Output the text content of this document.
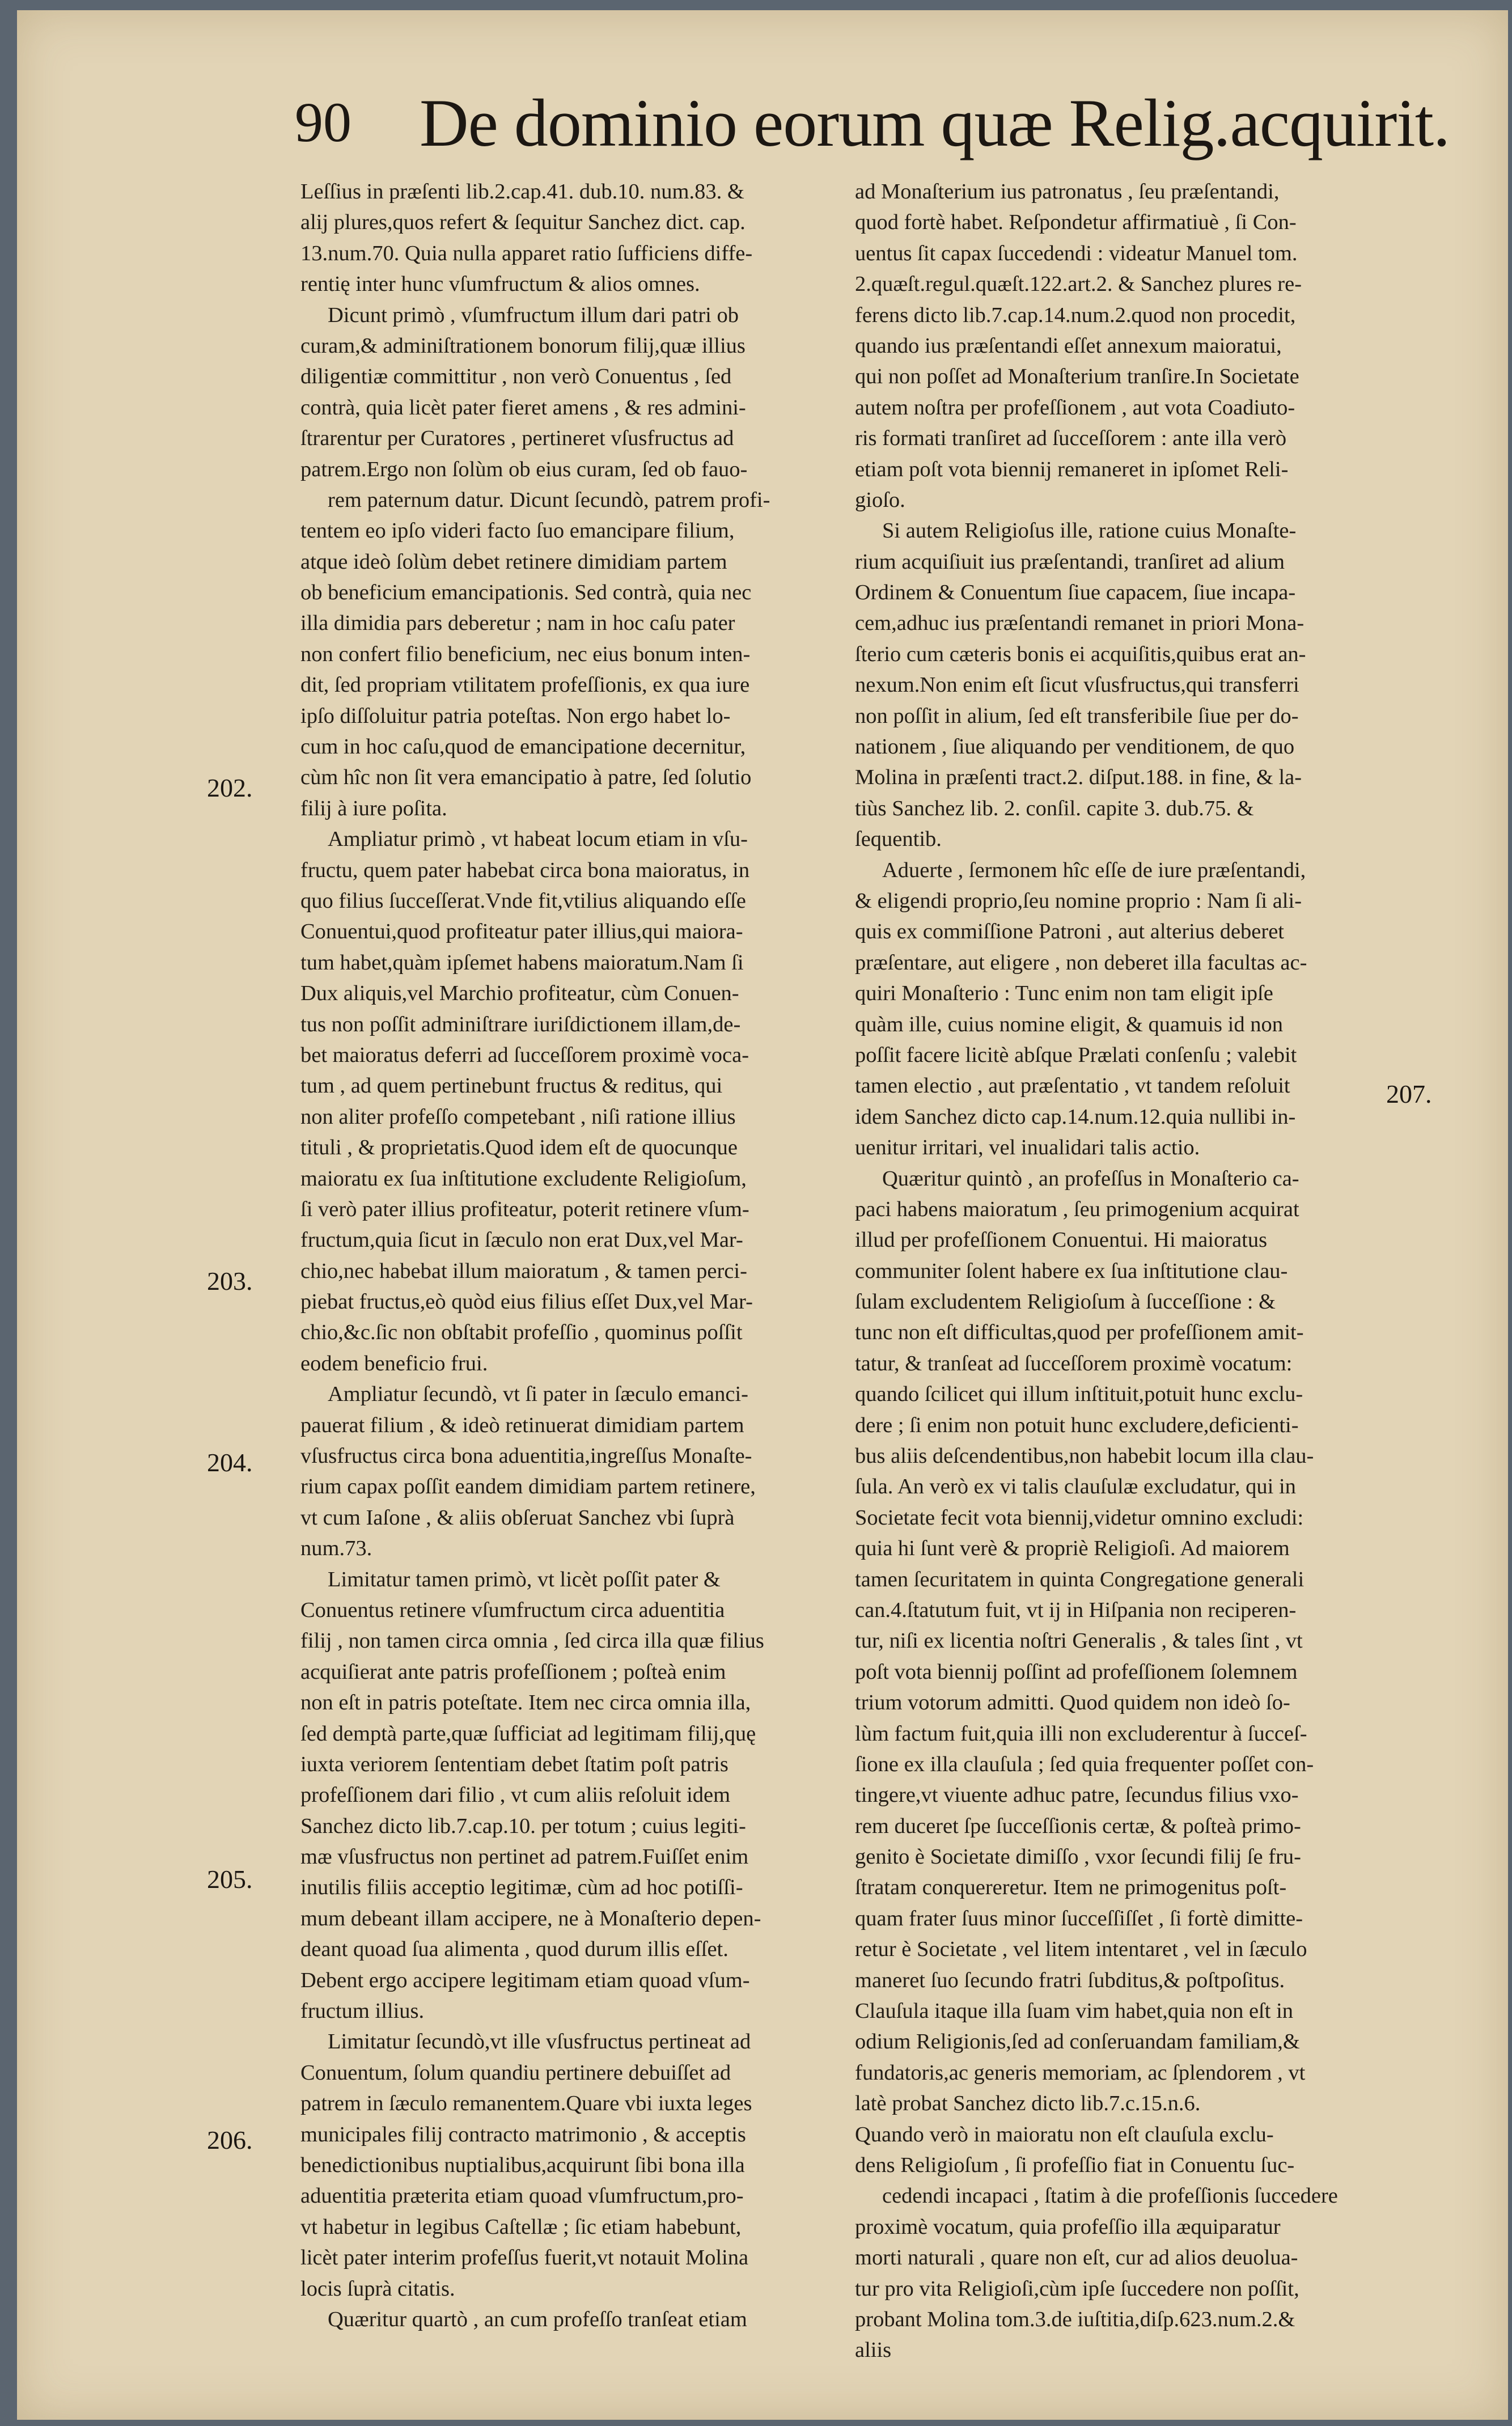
90 De dominio eorum quæ Relig.acquirit.
Leſſius in præſenti lib.2.cap.41. dub.10. num.83. &
alij plures,quos refert & ſequitur Sanchez dict. cap.
13.num.70. Quia nulla apparet ratio ſufficiens diffe-
rentię inter hunc vſumfructum & alios omnes.
Dicunt primò , vſumfructum illum dari patri ob
curam,& adminiſtrationem bonorum filij,quæ illius
diligentiæ committitur , non verò Conuentus , ſed
contrà, quia licèt pater fieret amens , & res admini-
ſtrarentur per Curatores , pertineret vſusfructus ad
patrem.Ergo non ſolùm ob eius curam, ſed ob fauo-
rem paternum datur. Dicunt ſecundò, patrem profi-
tentem eo ipſo videri facto ſuo emancipare filium,
atque ideò ſolùm debet retinere dimidiam partem
ob beneficium emancipationis. Sed contrà, quia nec
illa dimidia pars deberetur ; nam in hoc caſu pater
non confert filio beneficium, nec eius bonum inten-
dit, ſed propriam vtilitatem profeſſionis, ex qua iure
ipſo diſſoluitur patria poteſtas. Non ergo habet lo-
cum in hoc caſu,quod de emancipatione decernitur,
cùm hîc non ſit vera emancipatio à patre, ſed ſolutio
filij à iure poſita.
Ampliatur primò , vt habeat locum etiam in vſu-
fructu, quem pater habebat circa bona maioratus, in
quo filius ſucceſſerat.Vnde fit,vtilius aliquando eſſe
Conuentui,quod profiteatur pater illius,qui maiora-
tum habet,quàm ipſemet habens maioratum.Nam ſi
Dux aliquis,vel Marchio profiteatur, cùm Conuen-
tus non poſſit adminiſtrare iuriſdictionem illam,de-
bet maioratus deferri ad ſucceſſorem proximè voca-
tum , ad quem pertinebunt fructus & reditus, qui
non aliter profeſſo competebant , niſi ratione illius
tituli , & proprietatis.Quod idem eſt de quocunque
maioratu ex ſua inſtitutione excludente Religioſum,
ſi verò pater illius profiteatur, poterit retinere vſum-
fructum,quia ſicut in ſæculo non erat Dux,vel Mar-
chio,nec habebat illum maioratum , & tamen perci-
piebat fructus,eò quòd eius filius eſſet Dux,vel Mar-
chio,&c.ſic non obſtabit profeſſio , quominus poſſit
eodem beneficio frui.
Ampliatur ſecundò, vt ſi pater in ſæculo emanci-
pauerat filium , & ideò retinuerat dimidiam partem
vſusfructus circa bona aduentitia,ingreſſus Monaſte-
rium capax poſſit eandem dimidiam partem retinere,
vt cum Iaſone , & aliis obſeruat Sanchez vbi ſuprà
num.73.
Limitatur tamen primò, vt licèt poſſit pater &
Conuentus retinere vſumfructum circa aduentitia
filij , non tamen circa omnia , ſed circa illa quæ filius
acquiſierat ante patris profeſſionem ; poſteà enim
non eſt in patris poteſtate. Item nec circa omnia illa,
ſed demptà parte,quæ ſufficiat ad legitimam filij,quę
iuxta veriorem ſententiam debet ſtatim poſt patris
profeſſionem dari filio , vt cum aliis reſoluit idem
Sanchez dicto lib.7.cap.10. per totum ; cuius legiti-
mæ vſusfructus non pertinet ad patrem.Fuiſſet enim
inutilis filiis acceptio legitimæ, cùm ad hoc potiſſi-
mum debeant illam accipere, ne à Monaſterio depen-
deant quoad ſua alimenta , quod durum illis eſſet.
Debent ergo accipere legitimam etiam quoad vſum-
fructum illius.
Limitatur ſecundò,vt ille vſusfructus pertineat ad
Conuentum, ſolum quandiu pertinere debuiſſet ad
patrem in ſæculo remanentem.Quare vbi iuxta leges
municipales filij contracto matrimonio , & acceptis
benedictionibus nuptialibus,acquirunt ſibi bona illa
aduentitia præterita etiam quoad vſumfructum,pro-
vt habetur in legibus Caſtellæ ; ſic etiam habebunt,
licèt pater interim profeſſus fuerit,vt notauit Molina
locis ſuprà citatis.
Quæritur quartò , an cum profeſſo tranſeat etiam
ad Monaſterium ius patronatus , ſeu præſentandi,
quod fortè habet. Reſpondetur affirmatiuè , ſi Con-
uentus ſit capax ſuccedendi : videatur Manuel tom.
2.quæſt.regul.quæſt.122.art.2. & Sanchez plures re-
ferens dicto lib.7.cap.14.num.2.quod non procedit,
quando ius præſentandi eſſet annexum maioratui,
qui non poſſet ad Monaſterium tranſire.In Societate
autem noſtra per profeſſionem , aut vota Coadiuto-
ris formati tranſiret ad ſucceſſorem : ante illa verò
etiam poſt vota biennij remaneret in ipſomet Reli-
gioſo.
Si autem Religioſus ille, ratione cuius Monaſte-
rium acquiſiuit ius præſentandi, tranſiret ad alium
Ordinem & Conuentum ſiue capacem, ſiue incapa-
cem,adhuc ius præſentandi remanet in priori Mona-
ſterio cum cæteris bonis ei acquiſitis,quibus erat an-
nexum.Non enim eſt ſicut vſusfructus,qui transferri
non poſſit in alium, ſed eſt transferibile ſiue per do-
nationem , ſiue aliquando per venditionem, de quo
Molina in præſenti tract.2. diſput.188. in fine, & la-
tiùs Sanchez lib. 2. conſil. capite 3. dub.75. &
ſequentib.
Aduerte , ſermonem hîc eſſe de iure præſentandi,
& eligendi proprio,ſeu nomine proprio : Nam ſi ali-
quis ex commiſſione Patroni , aut alterius deberet
præſentare, aut eligere , non deberet illa facultas ac-
quiri Monaſterio : Tunc enim non tam eligit ipſe
quàm ille, cuius nomine eligit, & quamuis id non
poſſit facere licitè abſque Prælati conſenſu ; valebit
tamen electio , aut præſentatio , vt tandem reſoluit
idem Sanchez dicto cap.14.num.12.quia nullibi in-
uenitur irritari, vel inualidari talis actio.
Quæritur quintò , an profeſſus in Monaſterio ca-
paci habens maioratum , ſeu primogenium acquirat
illud per profeſſionem Conuentui. Hi maioratus
communiter ſolent habere ex ſua inſtitutione clau-
ſulam excludentem Religioſum à ſucceſſione : &
tunc non eſt difficultas,quod per profeſſionem amit-
tatur, & tranſeat ad ſucceſſorem proximè vocatum:
quando ſcilicet qui illum inſtituit,potuit hunc exclu-
dere ; ſi enim non potuit hunc excludere,deficienti-
bus aliis deſcendentibus,non habebit locum illa clau-
ſula. An verò ex vi talis clauſulæ excludatur, qui in
Societate fecit vota biennij,videtur omnino excludi:
quia hi ſunt verè & propriè Religioſi. Ad maiorem
tamen ſecuritatem in quinta Congregatione generali
can.4.ſtatutum fuit, vt ij in Hiſpania non reciperen-
tur, niſi ex licentia noſtri Generalis , & tales ſint , vt
poſt vota biennij poſſint ad profeſſionem ſolemnem
trium votorum admitti. Quod quidem non ideò ſo-
lùm factum fuit,quia illi non excluderentur à ſucceſ-
ſione ex illa clauſula ; ſed quia frequenter poſſet con-
tingere,vt viuente adhuc patre, ſecundus filius vxo-
rem duceret ſpe ſucceſſionis certæ, & poſteà primo-
genito è Societate dimiſſo , vxor ſecundi filij ſe fru-
ſtratam conquereretur. Item ne primogenitus poſt-
quam frater ſuus minor ſucceſſiſſet , ſi fortè dimitte-
retur è Societate , vel litem intentaret , vel in ſæculo
maneret ſuo ſecundo fratri ſubditus,& poſtpoſitus.
Clauſula itaque illa ſuam vim habet,quia non eſt in
odium Religionis,ſed ad conſeruandam familiam,&
fundatoris,ac generis memoriam, ac ſplendorem , vt
latè probat Sanchez dicto lib.7.c.15.n.6.
Quando verò in maioratu non eſt clauſula exclu-
dens Religioſum , ſi profeſſio fiat in Conuentu ſuc-
cedendi incapaci , ſtatim à die profeſſionis ſuccedere
proximè vocatum, quia profeſſio illa æquiparatur
morti naturali , quare non eſt, cur ad alios deuolua-
tur pro vita Religioſi,cùm ipſe ſuccedere non poſſit,
probant Molina tom.3.de iuſtitia,diſp.623.num.2.&
aliis
202.
203.
204.
205.
206.
207.
